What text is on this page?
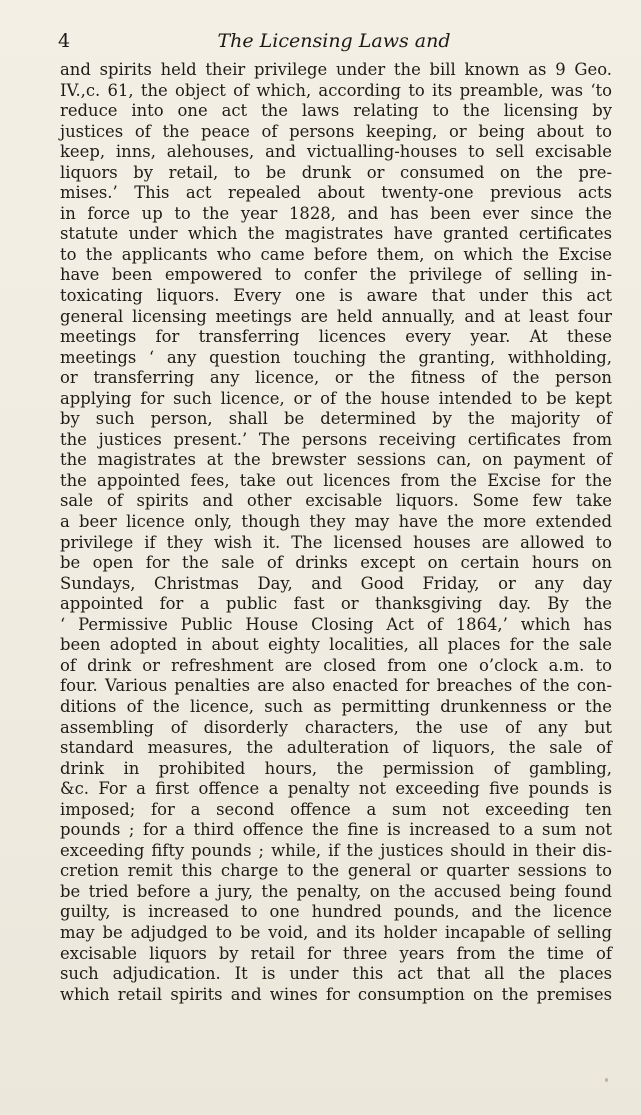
4	The Licensing Laws and
and spirits held their privilege under the bill known as 9 Geo.
IV.,c. 61, the object of which, according to its preamble, was ‘to
reduce into one act the laws relating to the licensing by
justices of the peace of persons keeping, or being about to
keep, inns, alehouses, and victualling-houses to sell excisable
liquors by retail, to be drunk or consumed on the pre-
mises.’ This act repealed about twenty-one previous acts
in force up to the year 1828, and has been ever since the
statute under which the magistrates have granted certificates
to the applicants who came before them, on which the Excise
have been empowered to confer the privilege of selling in-
toxicating liquors. Every one is aware that under this act
general licensing meetings are held annually, and at least four
meetings for transferring licences every year. At these
meetings ‘ any question touching the granting, withholding,
or transferring any licence, or the fitness of the person
applying for such licence, or of the house intended to be kept
by such person, shall be determined by the majority of
the justices present.’ The persons receiving certificates from
the magistrates at the brewster sessions can, on payment of
the appointed fees, take out licences from the Excise for the
sale of spirits and other excisable liquors. Some few take
a beer licence only, though they may have the more extended
privilege if they wish it. The licensed houses are allowed to
be open for the sale of drinks except on certain hours on
Sundays, Christmas Day, and Good Friday, or any day
appointed for a public fast or thanksgiving day. By the
‘ Permissive Public House Closing Act of 1864,’ which has
been adopted in about eighty localities, all places for the sale
of drink or refreshment are closed from one o’clock a.m. to
four. Various penalties are also enacted for breaches of the con-
ditions of the licence, such as permitting drunkenness or the
assembling of disorderly characters, the use of any but
standard measures, the adulteration of liquors, the sale of
drink in prohibited hours, the permission of gambling,
&c. For a first offence a penalty not exceeding five pounds is
imposed; for a second offence a sum not exceeding ten
pounds ; for a third offence the fine is increased to a sum not
exceeding fifty pounds ; while, if the justices should in their dis-
cretion remit this charge to the general or quarter sessions to
be tried before a jury, the penalty, on the accused being found
guilty, is increased to one hundred pounds, and the licence
may be adjudged to be void, and its holder incapable of selling
excisable liquors by retail for three years from the time of
such adjudication. It is under this act that all the places
which retail spirits and wines for consumption on the premises
